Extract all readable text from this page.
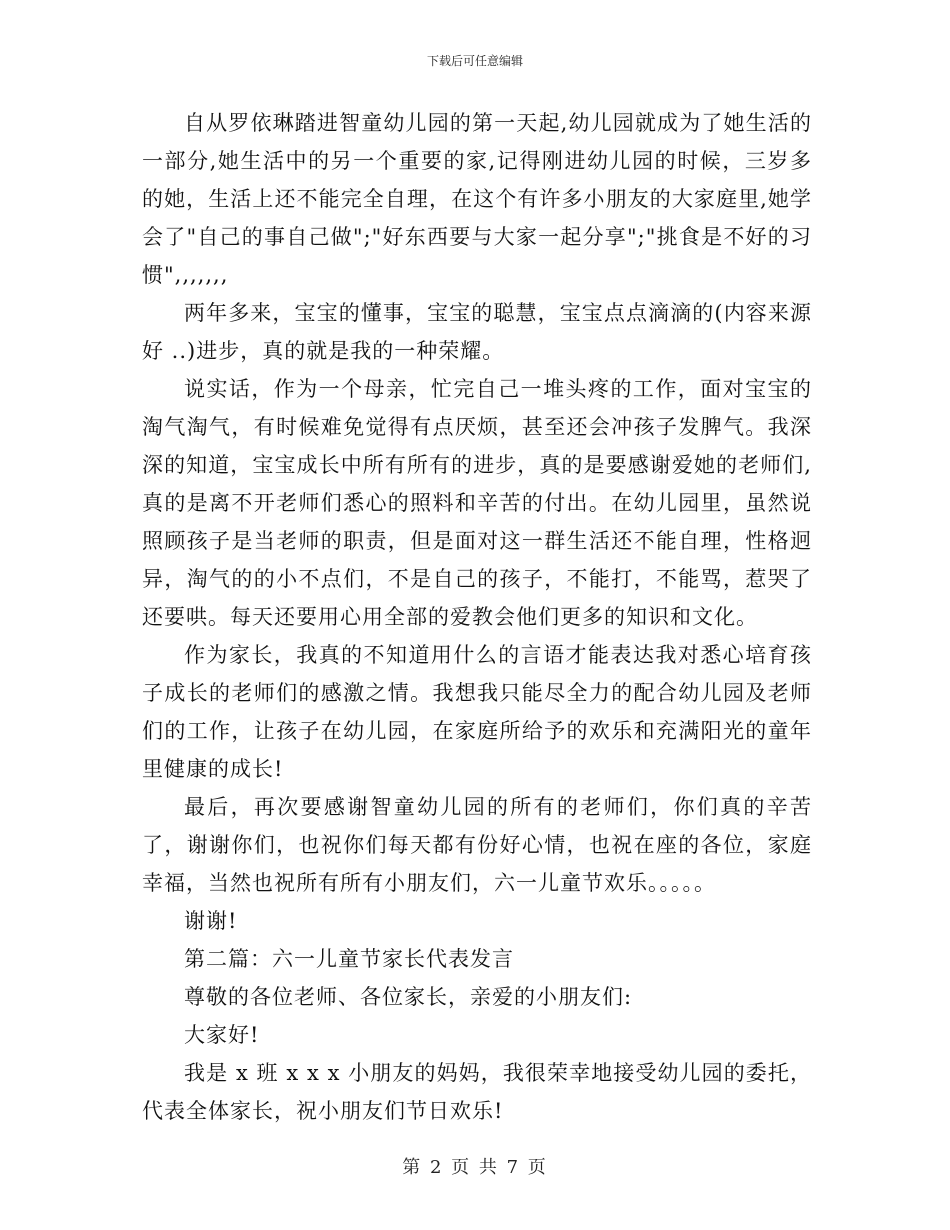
下载后可任意编辑

自从罗依琳踏进智童幼儿园的第一天起,幼儿园就成为了她生活的一部分,她生活中的另一个重要的家,记得刚进幼儿园的时候，三岁多的她，生活上还不能完全自理，在这个有许多小朋友的大家庭里,她学会了"自己的事自己做";"好东西要与大家一起分享";"挑食是不好的习惯",,,,,,,

两年多来，宝宝的懂事，宝宝的聪慧，宝宝点点滴滴的(内容来源好 ..)进步，真的就是我的一种荣耀。

说实话，作为一个母亲，忙完自己一堆头疼的工作，面对宝宝的淘气淘气，有时候难免觉得有点厌烦，甚至还会冲孩子发脾气。我深深的知道，宝宝成长中所有所有的进步，真的是要感谢爱她的老师们,真的是离不开老师们悉心的照料和辛苦的付出。在幼儿园里，虽然说照顾孩子是当老师的职责，但是面对这一群生活还不能自理，性格迥异，淘气的的小不点们，不是自己的孩子，不能打，不能骂，惹哭了还要哄。每天还要用心用全部的爱教会他们更多的知识和文化。

作为家长，我真的不知道用什么的言语才能表达我对悉心培育孩子成长的老师们的感激之情。我想我只能尽全力的配合幼儿园及老师们的工作，让孩子在幼儿园，在家庭所给予的欢乐和充满阳光的童年里健康的成长!

最后，再次要感谢智童幼儿园的所有的老师们，你们真的辛苦了，谢谢你们，也祝你们每天都有份好心情，也祝在座的各位，家庭幸福，当然也祝所有所有小朋友们，六一儿童节欢乐。。。。。

谢谢!

第二篇：六一儿童节家长代表发言

尊敬的各位老师、各位家长，亲爱的小朋友们:

大家好!

我是 x 班 x x x 小朋友的妈妈，我很荣幸地接受幼儿园的委托，代表全体家长，祝小朋友们节日欢乐!

第 2 页 共 7 页
